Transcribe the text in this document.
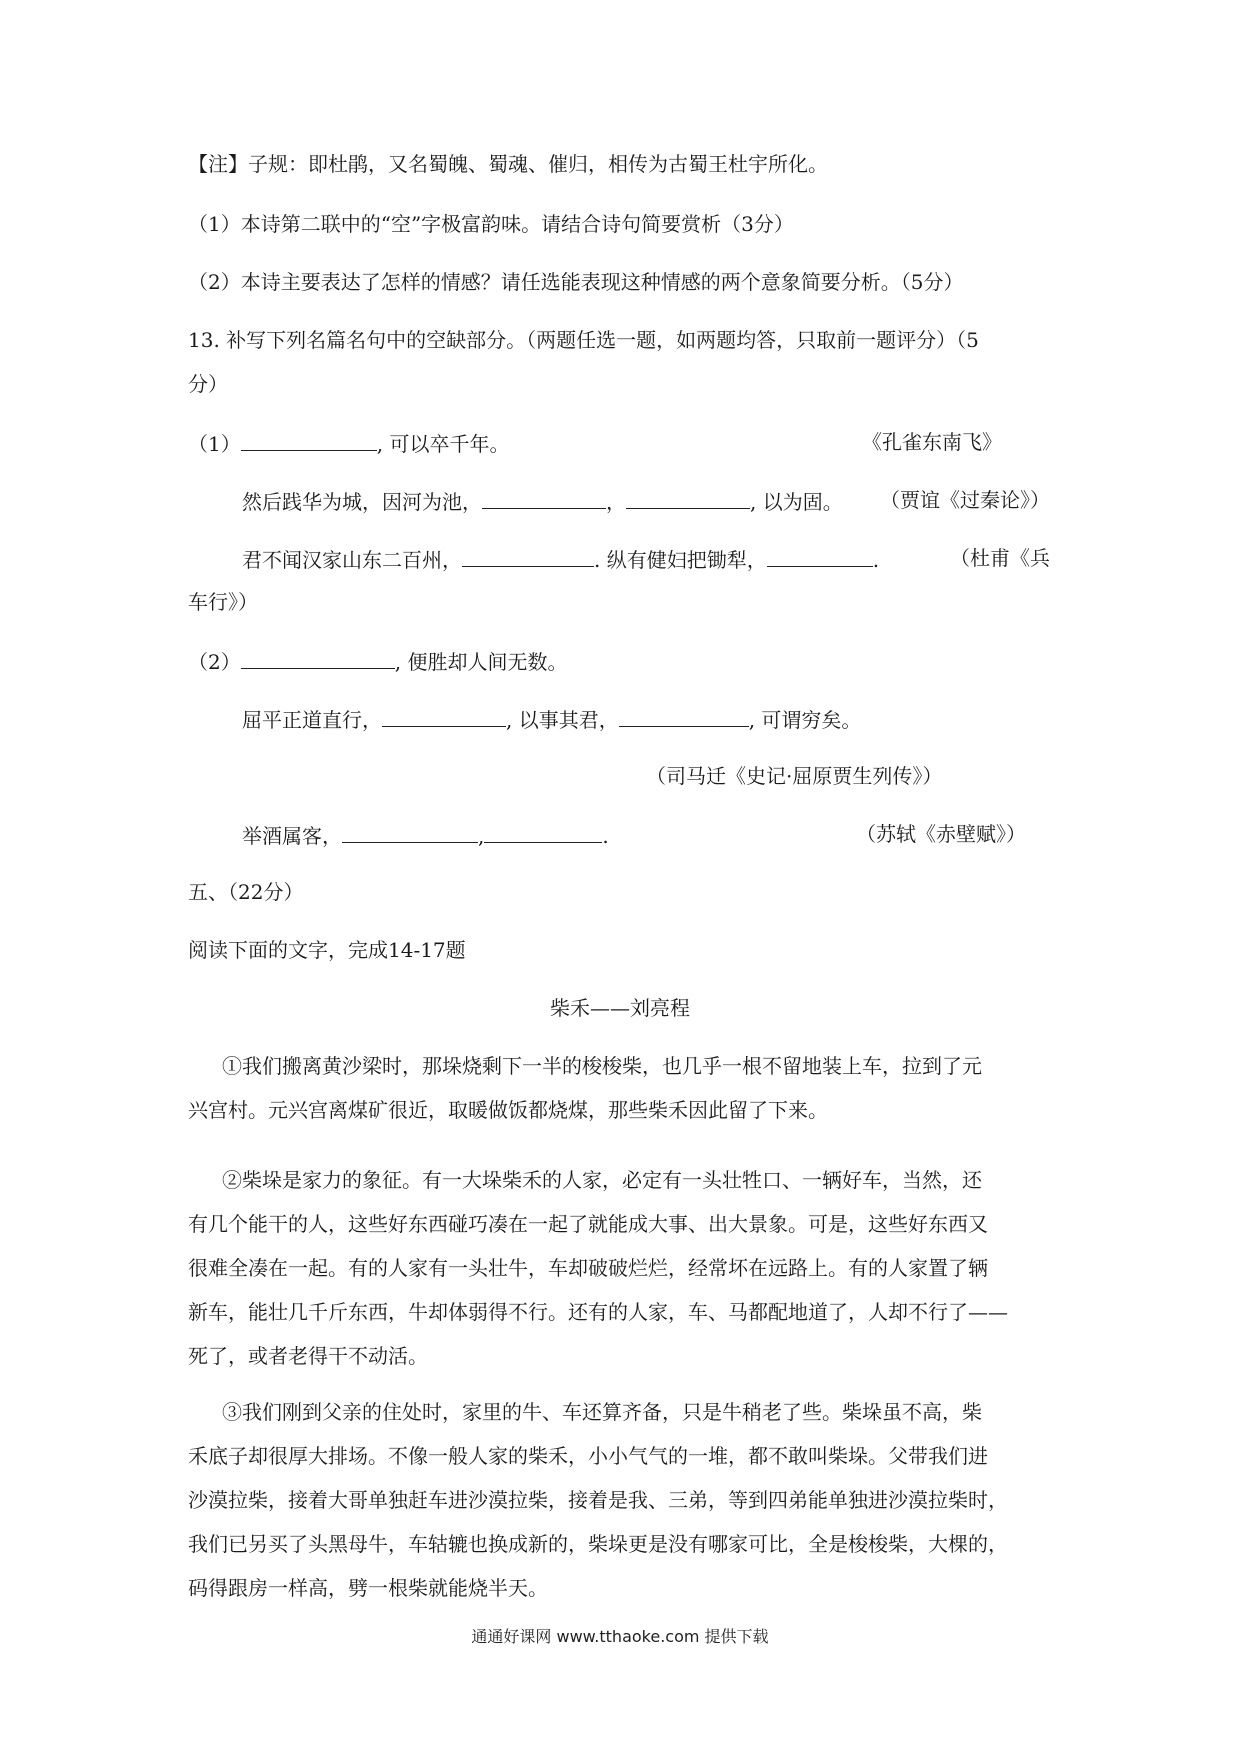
【注】子规：即杜鹃，又名蜀魄、蜀魂、催归，相传为古蜀王杜宇所化。
（1）本诗第二联中的“空”字极富韵味。请结合诗句简要赏析（3分）
（2）本诗主要表达了怎样的情感？请任选能表现这种情感的两个意象简要分析。（5分）
13. 补写下列名篇名句中的空缺部分。（两题任选一题，如两题均答，只取前一题评分）（5
分）
（1）	, 可以卒千年。	《孔雀东南飞》
然后践华为城，因河为池，	，	, 以为固。 （贾谊《过秦论》）
君不闻汉家山东二百州，	. 纵有健妇把锄犁，	.	（杜甫《兵
车行》）
（2）	, 便胜却人间无数。
屈平正道直行，	, 以事其君，	, 可谓穷矣。
（司马迁《史记·屈原贾生列传》）
举酒属客，	,	.	（苏轼《赤壁赋》）
五、（22分）
阅读下面的文字，完成14-17题
柴禾——刘亮程
①我们搬离黄沙梁时，那垛烧剩下一半的梭梭柴，也几乎一根不留地装上车，拉到了元
兴宫村。元兴宫离煤矿很近，取暖做饭都烧煤，那些柴禾因此留了下来。
②柴垛是家力的象征。有一大垛柴禾的人家，必定有一头壮牲口、一辆好车，当然，还
有几个能干的人，这些好东西碰巧凑在一起了就能成大事、出大景象。可是，这些好东西又
很难全凑在一起。有的人家有一头壮牛，车却破破烂烂，经常坏在远路上。有的人家置了辆
新车，能壮几千斤东西，牛却体弱得不行。还有的人家，车、马都配地道了，人却不行了——
死了，或者老得干不动活。
③我们刚到父亲的住处时，家里的牛、车还算齐备，只是牛稍老了些。柴垛虽不高，柴
禾底子却很厚大排场。不像一般人家的柴禾，小小气气的一堆，都不敢叫柴垛。父带我们进
沙漠拉柴，接着大哥单独赶车进沙漠拉柴，接着是我、三弟，等到四弟能单独进沙漠拉柴时，
我们已另买了头黑母牛，车轱辘也换成新的，柴垛更是没有哪家可比，全是梭梭柴，大棵的，
码得跟房一样高，劈一根柴就能烧半天。
通通好课网 www.tthaoke.com 提供下载
